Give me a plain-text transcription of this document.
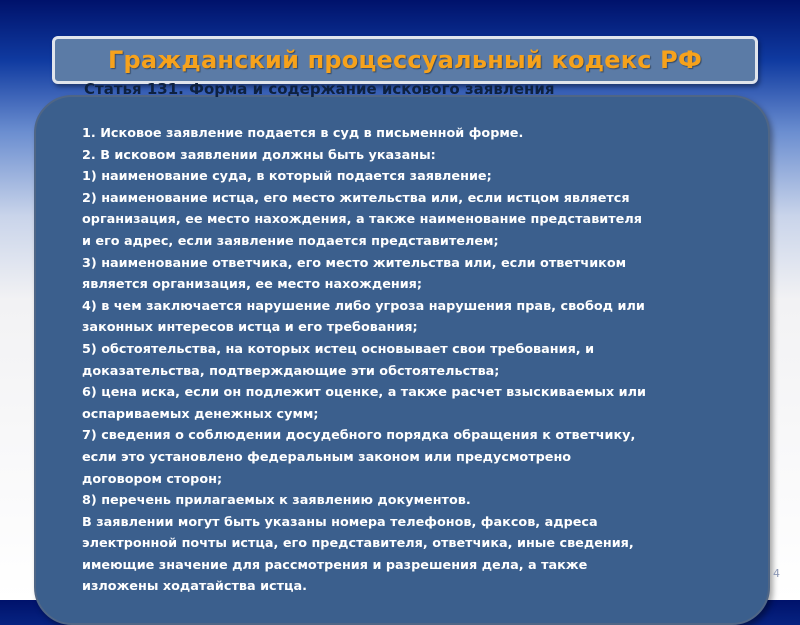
Гражданский процессуальный кодекс РФ
Статья 131. Форма и содержание искового заявления
1. Исковое заявление подается в суд в письменной форме.
2. В исковом заявлении должны быть указаны:
1) наименование суда, в который подается заявление;
2) наименование истца, его место жительства или, если истцом является
организация, ее место нахождения, а также наименование представителя
и его адрес, если заявление подается представителем;
3) наименование ответчика, его место жительства или, если ответчиком
является организация, ее место нахождения;
4) в чем заключается нарушение либо угроза нарушения прав, свобод или
законных интересов истца и его требования;
5) обстоятельства, на которых истец основывает свои требования, и
доказательства, подтверждающие эти обстоятельства;
6) цена иска, если он подлежит оценке, а также расчет взыскиваемых или
оспариваемых денежных сумм;
7) сведения о соблюдении досудебного порядка обращения к ответчику,
если это установлено федеральным законом или предусмотрено
договором сторон;
8) перечень прилагаемых к заявлению документов.
В заявлении могут быть указаны номера телефонов, факсов, адреса
электронной почты истца, его представителя, ответчика, иные сведения,
имеющие значение для рассмотрения и разрешения дела, а также
изложены ходатайства истца.
4
